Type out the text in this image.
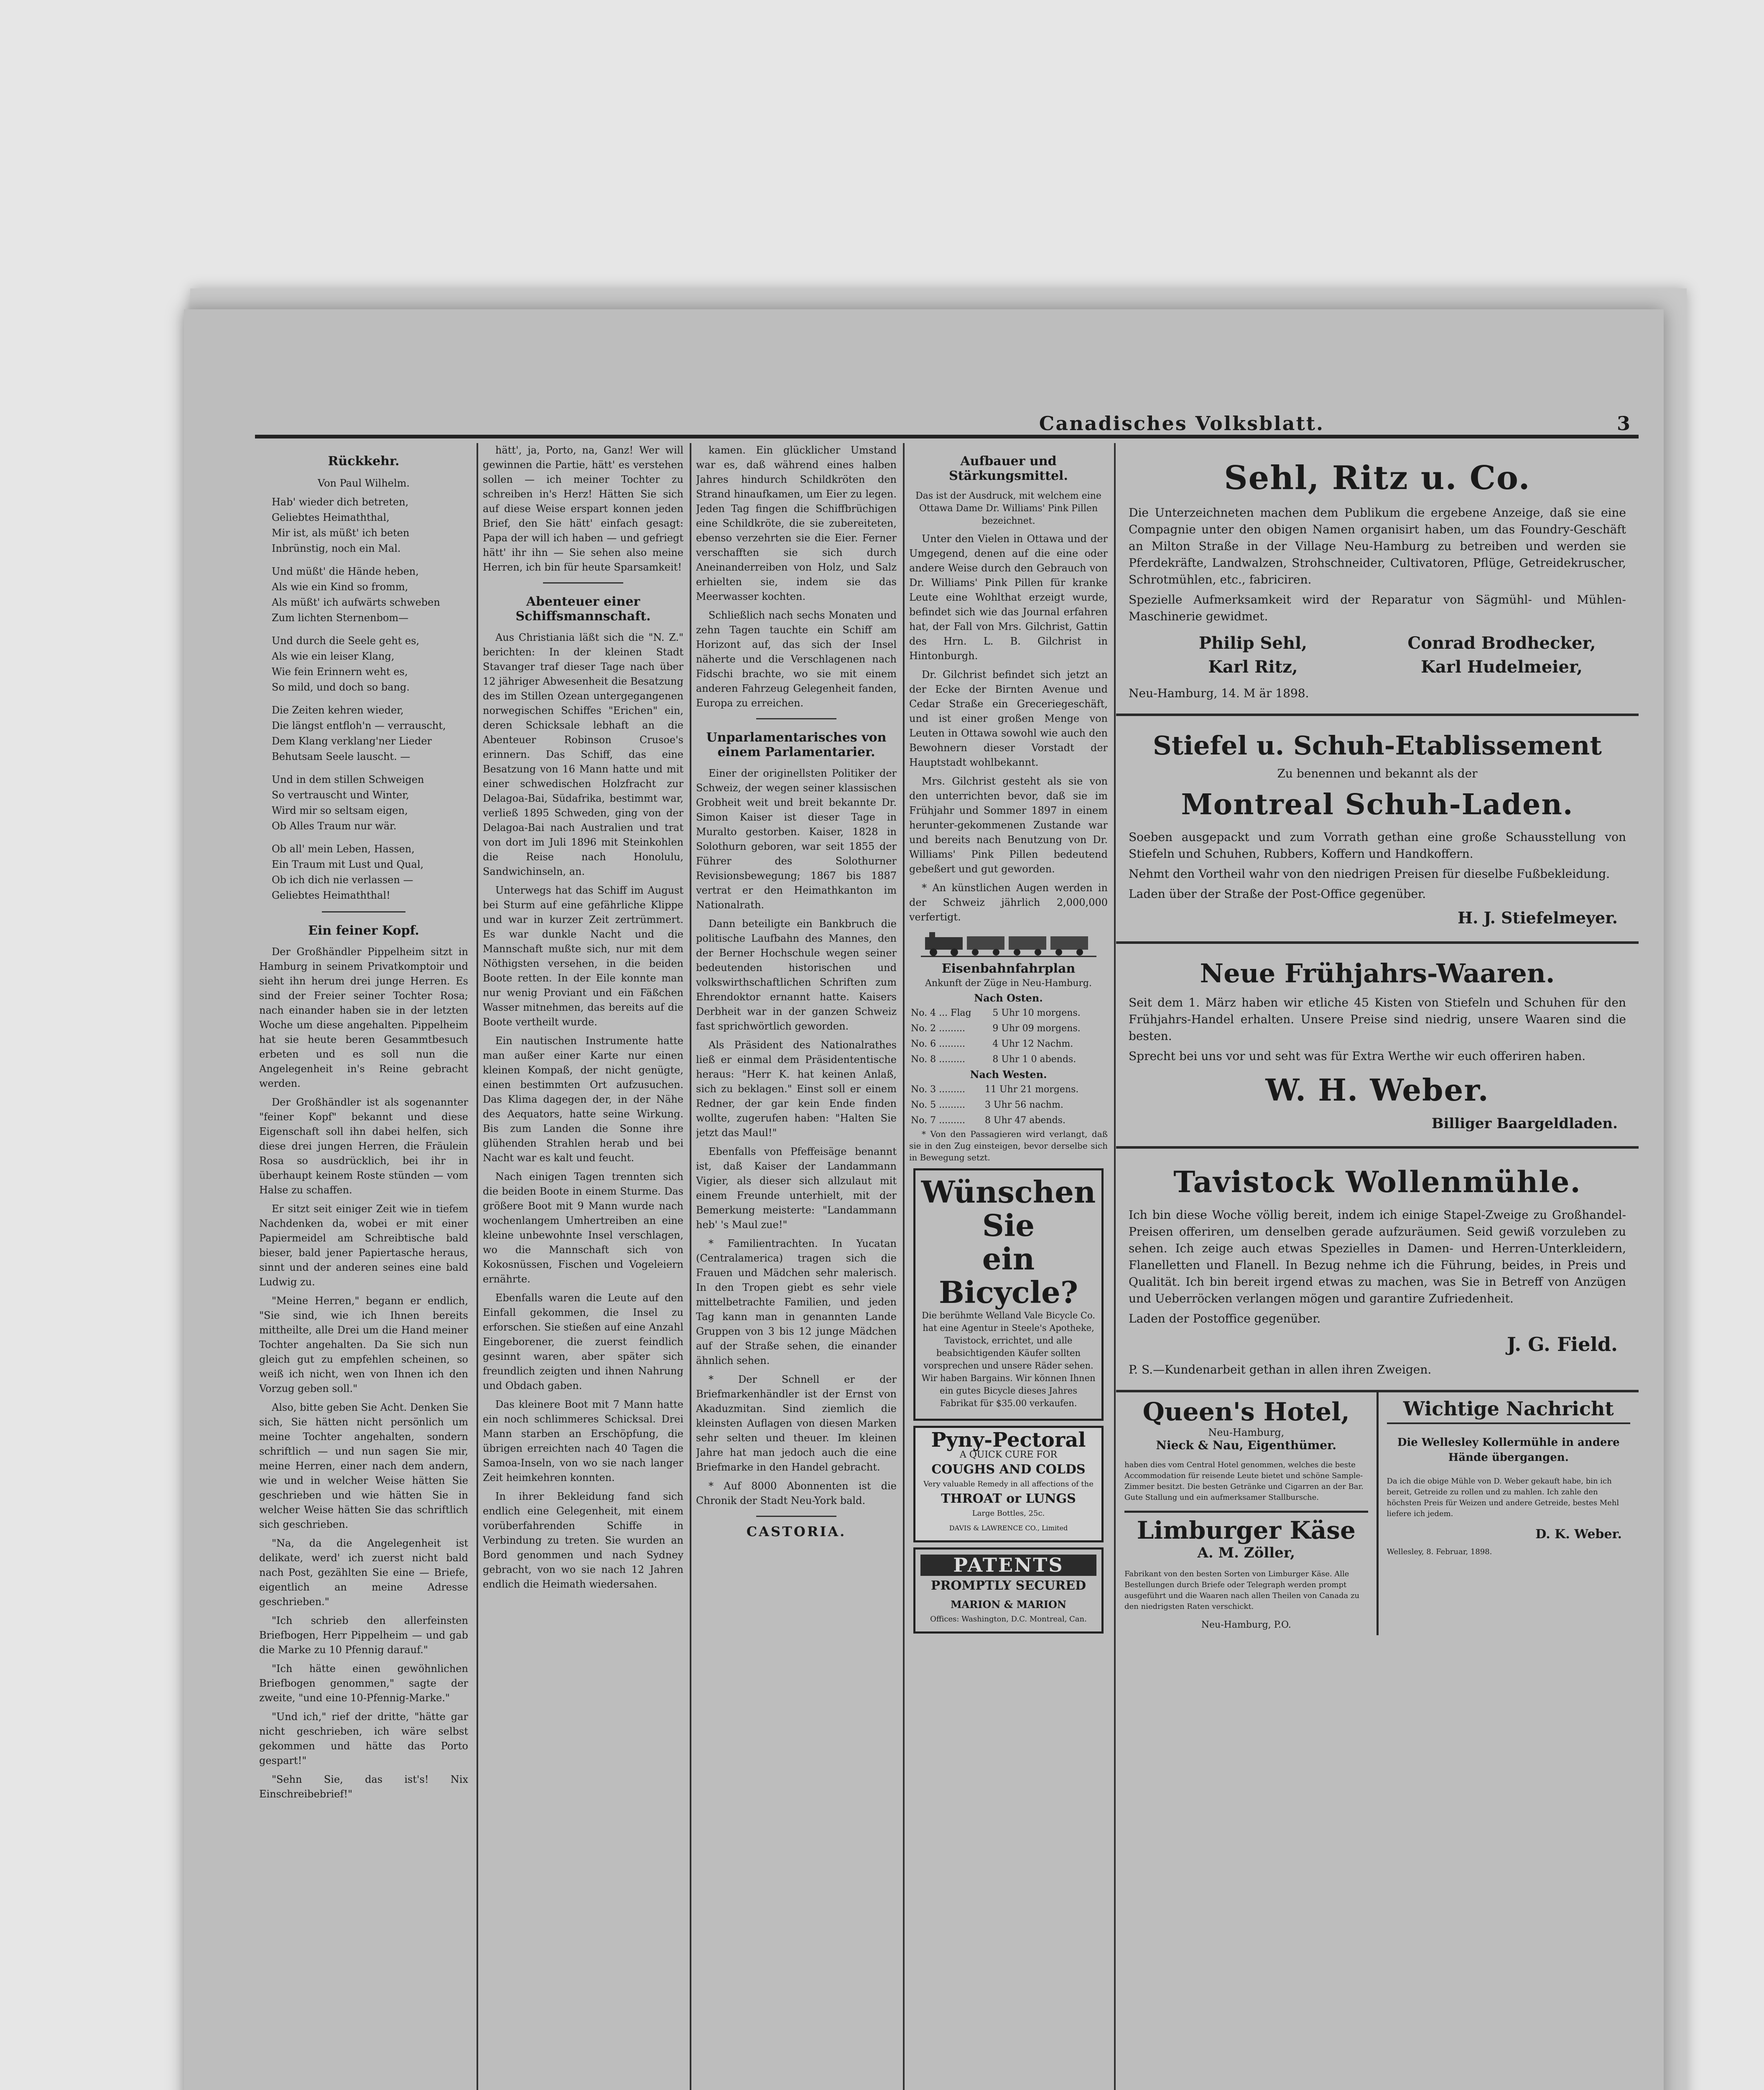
Canadisches Volksblatt.	3
Rückkehr.
Von Paul Wilhelm.

Hab' wieder dich betreten,

Geliebtes Heimaththal,

Mir ist, als müßt' ich beten

Inbrünstig, noch ein Mal.

Und müßt' die Hände heben,

Als wie ein Kind so fromm,

Als müßt' ich aufwärts schweben

Zum lichten Sternenbom—

Und durch die Seele geht es,

Als wie ein leiser Klang,

Wie fein Erinnern weht es,

So mild, und doch so bang.

Die Zeiten kehren wieder,

Die längst entfloh'n — verrauscht,

Dem Klang verklang'ner Lieder

Behutsam Seele lauscht. —

Und in dem stillen Schweigen

So vertrauscht und Winter,

Wird mir so seltsam eigen,

Ob Alles Traum nur wär.

Ob all' mein Leben, Hassen,

Ein Traum mit Lust und Qual,

Ob ich dich nie verlassen —

Geliebtes Heimaththal!

Ein feiner Kopf.

Der Großhändler Pippelheim sitzt in Hamburg in seinem Privatkomptoir und sieht ihn herum drei junge Herren. Es sind der Freier seiner Tochter Rosa; nach einander haben sie in der letzten Woche um diese angehalten. Pippelheim hat sie heute beren Gesammtbesuch erbeten und es soll nun die Angelegenheit in's Reine gebracht werden.

Der Großhändler ist als sogenannter "feiner Kopf" bekannt und diese Eigenschaft soll ihn dabei helfen, sich diese drei jungen Herren, die Fräulein Rosa so ausdrücklich, bei ihr in überhaupt keinem Roste stünden — vom Halse zu schaffen.

Er sitzt seit einiger Zeit wie in tiefem Nachdenken da, wobei er mit einer Papiermeidel am Schreibtische bald bieser, bald jener Papiertasche heraus, sinnt und der anderen seines eine bald Ludwig zu.

"Meine Herren," begann er endlich, "Sie sind, wie ich Ihnen bereits mittheilte, alle Drei um die Hand meiner Tochter angehalten. Da Sie sich nun gleich gut zu empfehlen scheinen, so weiß ich nicht, wen von Ihnen ich den Vorzug geben soll."

Also, bitte geben Sie Acht. Denken Sie sich, Sie hätten nicht persönlich um meine Tochter angehalten, sondern schriftlich — und nun sagen Sie mir, meine Herren, einer nach dem andern, wie und in welcher Weise hätten Sie geschrieben und wie hätten Sie in welcher Weise hätten Sie das schriftlich sich geschrieben.

"Na, da die Angelegenheit ist delikate, werd' ich zuerst nicht bald nach Post, gezählten Sie eine — Briefe, eigentlich an meine Adresse geschrieben."

"Ich schrieb den allerfeinsten Briefbogen, Herr Pippelheim — und gab die Marke zu 10 Pfennig darauf."

"Ich hätte einen gewöhnlichen Briefbogen genommen," sagte der zweite, "und eine 10-Pfennig-Marke."

"Und ich," rief der dritte, "hätte gar nicht geschrieben, ich wäre selbst gekommen und hätte das Porto gespart!"

"Sehn Sie, das ist's! Nix Einschreibebrief!"

hätt', ja, Porto, na, Ganz! Wer will gewinnen die Partie, hätt' es verstehen sollen — ich meiner Tochter zu schreiben in's Herz! Hätten Sie sich auf diese Weise erspart konnen jeden Brief, den Sie hätt' einfach gesagt: Papa der will ich haben — und gefriegt hätt' ihr ihn — Sie sehen also meine Herren, ich bin für heute Sparsamkeit!

Abenteuer einer Schiffsmannschaft.

Aus Christiania läßt sich die "N. Z." berichten: In der kleinen Stadt Stavanger traf dieser Tage nach über 12 jähriger Abwesenheit die Besatzung des im Stillen Ozean untergegangenen norwegischen Schiffes "Erichen" ein, deren Schicksale lebhaft an die Abenteuer Robinson Crusoe's erinnern. Das Schiff, das eine Besatzung von 16 Mann hatte und mit einer schwedischen Holzfracht zur Delagoa-Bai, Südafrika, bestimmt war, verließ 1895 Schweden, ging von der Delagoa-Bai nach Australien und trat von dort im Juli 1896 mit Steinkohlen die Reise nach Honolulu, Sandwichinseln, an.

Unterwegs hat das Schiff im August bei Sturm auf eine gefährliche Klippe und war in kurzer Zeit zertrümmert. Es war dunkle Nacht und die Mannschaft mußte sich, nur mit dem Nöthigsten versehen, in die beiden Boote retten. In der Eile konnte man nur wenig Proviant und ein Fäßchen Wasser mitnehmen, das bereits auf die Boote vertheilt wurde.

Ein nautischen Instrumente hatte man außer einer Karte nur einen kleinen Kompaß, der nicht genügte, einen bestimmten Ort aufzusuchen. Das Klima dagegen der, in der Nähe des Aequators, hatte seine Wirkung. Bis zum Landen die Sonne ihre glühenden Strahlen herab und bei Nacht war es kalt und feucht.

Nach einigen Tagen trennten sich die beiden Boote in einem Sturme. Das größere Boot mit 9 Mann wurde nach wochenlangem Umhertreiben an eine kleine unbewohnte Insel verschlagen, wo die Mannschaft sich von Kokosnüssen, Fischen und Vogeleiern ernährte.

Ebenfalls waren die Leute auf den Einfall gekommen, die Insel zu erforschen. Sie stießen auf eine Anzahl Eingeborener, die zuerst feindlich gesinnt waren, aber später sich freundlich zeigten und ihnen Nahrung und Obdach gaben.

Das kleinere Boot mit 7 Mann hatte ein noch schlimmeres Schicksal. Drei Mann starben an Erschöpfung, die übrigen erreichten nach 40 Tagen die Samoa-Inseln, von wo sie nach langer Zeit heimkehren konnten.

In ihrer Bekleidung fand sich endlich eine Gelegenheit, mit einem vorüberfahrenden Schiffe in Verbindung zu treten. Sie wurden an Bord genommen und nach Sydney gebracht, von wo sie nach 12 Jahren endlich die Heimath wiedersahen.

kamen. Ein glücklicher Umstand war es, daß während eines halben Jahres hindurch Schildkröten den Strand hinaufkamen, um Eier zu legen. Jeden Tag fingen die Schiffbrüchigen eine Schildkröte, die sie zubereiteten, ebenso verzehrten sie die Eier. Ferner verschafften sie sich durch Aneinanderreiben von Holz, und Salz erhielten sie, indem sie das Meerwasser kochten.

Schließlich nach sechs Monaten und zehn Tagen tauchte ein Schiff am Horizont auf, das sich der Insel näherte und die Verschlagenen nach Fidschi brachte, wo sie mit einem anderen Fahrzeug Gelegenheit fanden, Europa zu erreichen.

Unparlamentarisches von einem Parlamentarier.

Einer der originellsten Politiker der Schweiz, der wegen seiner klassischen Grobheit weit und breit bekannte Dr. Simon Kaiser ist dieser Tage in Muralto gestorben. Kaiser, 1828 in Solothurn geboren, war seit 1855 der Führer des Solothurner Revisionsbewegung; 1867 bis 1887 vertrat er den Heimathkanton im Nationalrath.

Dann beteiligte ein Bankbruch die politische Laufbahn des Mannes, den der Berner Hochschule wegen seiner bedeutenden historischen und volkswirthschaftlichen Schriften zum Ehrendoktor ernannt hatte. Kaisers Derbheit war in der ganzen Schweiz fast sprichwörtlich geworden.

Als Präsident des Nationalrathes ließ er einmal dem Präsidententische heraus: "Herr K. hat keinen Anlaß, sich zu beklagen." Einst soll er einem Redner, der gar kein Ende finden wollte, zugerufen haben: "Halten Sie jetzt das Maul!"

Ebenfalls von Pfeffeisäge benannt ist, daß Kaiser der Landammann Vigier, als dieser sich allzulaut mit einem Freunde unterhielt, mit der Bemerkung meisterte: "Landammann heb' 's Maul zue!"

* Familientrachten. In Yucatan (Centralamerica) tragen sich die Frauen und Mädchen sehr malerisch. In den Tropen giebt es sehr viele mittelbetrachte Familien, und jeden Tag kann man in genannten Lande Gruppen von 3 bis 12 junge Mädchen auf der Straße sehen, die einander ähnlich sehen.

* Der Schnell er der Briefmarkenhändler ist der Ernst von Akaduzmitan. Sind ziemlich die kleinsten Auflagen von diesen Marken sehr selten und theuer. Im kleinen Jahre hat man jedoch auch die eine Briefmarke in den Handel gebracht.

* Auf 8000 Abonnenten ist die Chronik der Stadt Neu-York bald.

CASTORIA.
Aufbauer und Stärkungsmittel.

Das ist der Ausdruck, mit welchem eine Ottawa Dame Dr. Williams' Pink Pillen bezeichnet.

Unter den Vielen in Ottawa und der Umgegend, denen auf die eine oder andere Weise durch den Gebrauch von Dr. Williams' Pink Pillen für kranke Leute eine Wohlthat erzeigt wurde, befindet sich wie das Journal erfahren hat, der Fall von Mrs. Gilchrist, Gattin des Hrn. L. B. Gilchrist in Hintonburgh.

Dr. Gilchrist befindet sich jetzt an der Ecke der Birnten Avenue und Cedar Straße ein Greceriegeschäft, und ist einer großen Menge von Leuten in Ottawa sowohl wie auch den Bewohnern dieser Vorstadt der Hauptstadt wohlbekannt.

Mrs. Gilchrist gesteht als sie von den unterrichten bevor, daß sie im Frühjahr und Sommer 1897 in einem herunter-gekommenen Zustande war und bereits nach Benutzung von Dr. Williams' Pink Pillen bedeutend gebeßert und gut geworden.

* An künstlichen Augen werden in der Schweiz jährlich 2,000,000 verfertigt.

Eisenbahnfahrplan
Ankunft der Züge in Neu-Hamburg.
Nach Osten.
No. 4 ... Flag	5 Uhr 10 morgens.
No. 2 .........	9 Uhr 09 morgens.
No. 6 .........	4 Uhr 12 Nachm.
No. 8 .........	8 Uhr 1 0 abends.
Nach Westen.
No. 3 .........	11 Uhr 21 morgens.
No. 5 .........	3 Uhr 56 nachm.
No. 7 .........	8 Uhr 47 abends.

* Von den Passagieren wird verlangt, daß sie in den Zug einsteigen, bevor derselbe sich in Bewegung setzt.

Wünschen Sie
ein Bicycle?

Die berühmte Welland Vale Bicycle Co. hat eine Agentur in Steele's Apotheke, Tavistock, errichtet, und alle beabsichtigenden Käufer sollten vorsprechen und unsere Räder sehen. Wir haben Bargains. Wir können Ihnen ein gutes Bicycle dieses Jahres Fabrikat für $35.00 verkaufen.

Pyny-Pectoral
A QUICK CURE FOR
COUGHS AND COLDS
Very valuable Remedy in all affections of the
THROAT or LUNGS
Large Bottles, 25c.
DAVIS & LAWRENCE CO., Limited
PATENTS
PROMPTLY SECURED
MARION & MARION
Offices: Washington, D.C. Montreal, Can.
Sehl, Ritz u. Co.

Die Unterzeichneten machen dem Publikum die ergebene Anzeige, daß sie eine Compagnie unter den obigen Namen organisirt haben, um das Foundry-Geschäft an Milton Straße in der Village Neu-Hamburg zu betreiben und werden sie Pferdekräfte, Landwalzen, Strohschneider, Cultivatoren, Pflüge, Getreidekruscher, Schrotmühlen, etc., fabriciren.

Spezielle Aufmerksamkeit wird der Reparatur von Sägmühl- und Mühlen-Maschinerie gewidmet.

Philip Sehl,	Conrad Brodhecker,
Karl Ritz,	Karl Hudelmeier,
Neu-Hamburg, 14. M är 1898.
Stiefel u. Schuh-Etablissement
Zu benennen und bekannt als der
Montreal Schuh-Laden.

Soeben ausgepackt und zum Vorrath gethan eine große Schausstellung von Stiefeln und Schuhen, Rubbers, Koffern und Handkoffern.

Nehmt den Vortheil wahr von den niedrigen Preisen für dieselbe Fußbekleidung.

Laden über der Straße der Post-Office gegenüber.

H. J. Stiefelmeyer.
Neue Frühjahrs-Waaren.

Seit dem 1. März haben wir etliche 45 Kisten von Stiefeln und Schuhen für den Frühjahrs-Handel erhalten. Unsere Preise sind niedrig, unsere Waaren sind die besten.

Sprecht bei uns vor und seht was für Extra Werthe wir euch offeriren haben.

W. H. Weber.
Billiger Baargeldladen.
Tavistock Wollenmühle.

Ich bin diese Woche völlig bereit, indem ich einige Stapel-Zweige zu Großhandel-Preisen offeriren, um denselben gerade aufzuräumen. Seid gewiß vorzuleben zu sehen. Ich zeige auch etwas Spezielles in Damen- und Herren-Unterkleidern, Flanelletten und Flanell. In Bezug nehme ich die Führung, beides, in Preis und Qualität. Ich bin bereit irgend etwas zu machen, was Sie in Betreff von Anzügen und Ueberröcken verlangen mögen und garantire Zufriedenheit.

Laden der Postoffice gegenüber.

J. G. Field.

P. S.—Kundenarbeit gethan in allen ihren Zweigen.

Queen's Hotel,
Neu-Hamburg,
Nieck & Nau, Eigenthümer.

haben dies vom Central Hotel genommen, welches die beste Accommodation für reisende Leute bietet und schöne Sample-Zimmer besitzt. Die besten Getränke und Cigarren an der Bar. Gute Stallung und ein aufmerksamer Stallbursche.

Limburger Käse
A. M. Zöller,

Fabrikant von den besten Sorten von Limburger Käse. Alle Bestellungen durch Briefe oder Telegraph werden prompt ausgeführt und die Waaren nach allen Theilen von Canada zu den niedrigsten Raten verschickt.

Neu-Hamburg, P.O.
Wichtige Nachricht

Die Wellesley Kollermühle in andere Hände übergangen.

Da ich die obige Mühle von D. Weber gekauft habe, bin ich bereit, Getreide zu rollen und zu mahlen. Ich zahle den höchsten Preis für Weizen und andere Getreide, bestes Mehl liefere ich jedem.

D. K. Weber.
Wellesley, 8. Februar, 1898.
